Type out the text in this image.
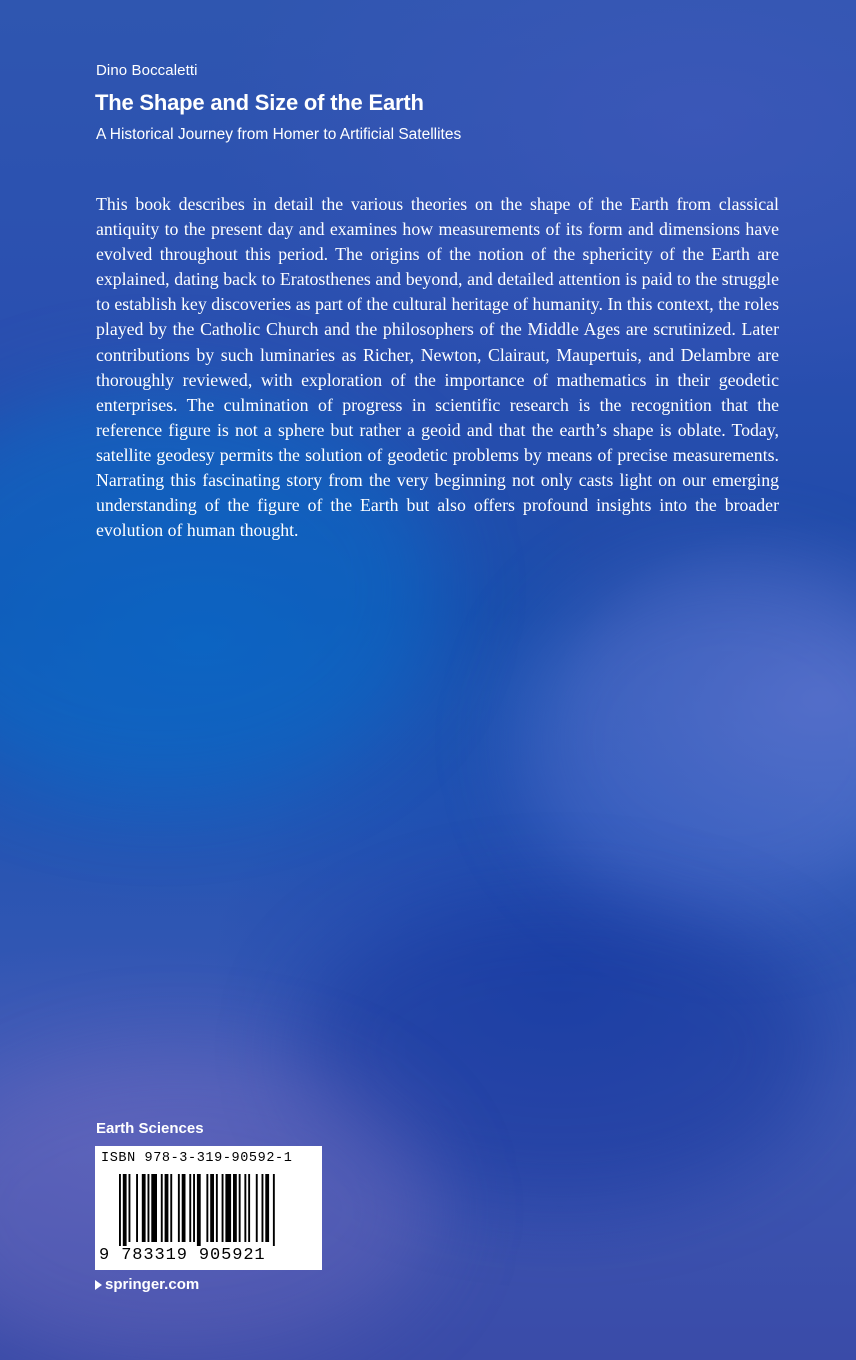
Dino Boccaletti
The Shape and Size of the Earth
A Historical Journey from Homer to Artificial Satellites

This book describes in detail the various theories on the shape of the Earth from classical antiquity to the present day and examines how measurements of its form and dimensions have evolved throughout this period. The origins of the notion of the sphericity of the Earth are explained, dating back to Eratosthenes and beyond, and detailed attention is paid to the struggle to establish key discoveries as part of the cultural heritage of humanity. In this context, the roles played by the Catholic Church and the philosophers of the Middle Ages are scrutinized. Later contributions by such luminaries as Richer, Newton, Clairaut, Maupertuis, and Delambre are thoroughly reviewed, with exploration of the importance of mathematics in their geodetic enterprises. The culmination of progress in scientific research is the recognition that the reference figure is not a sphere but rather a geoid and that the earth’s shape is oblate. Today, satellite geodesy permits the solution of geodetic problems by means of precise measurements. Narrating this fascinating story from the very beginning not only casts light on our emerging understanding of the figure of the Earth but also offers profound insights into the broader evolution of human thought.

Earth Sciences
ISBN 978-3-319-90592-1
9 783319 905921
springer.com
